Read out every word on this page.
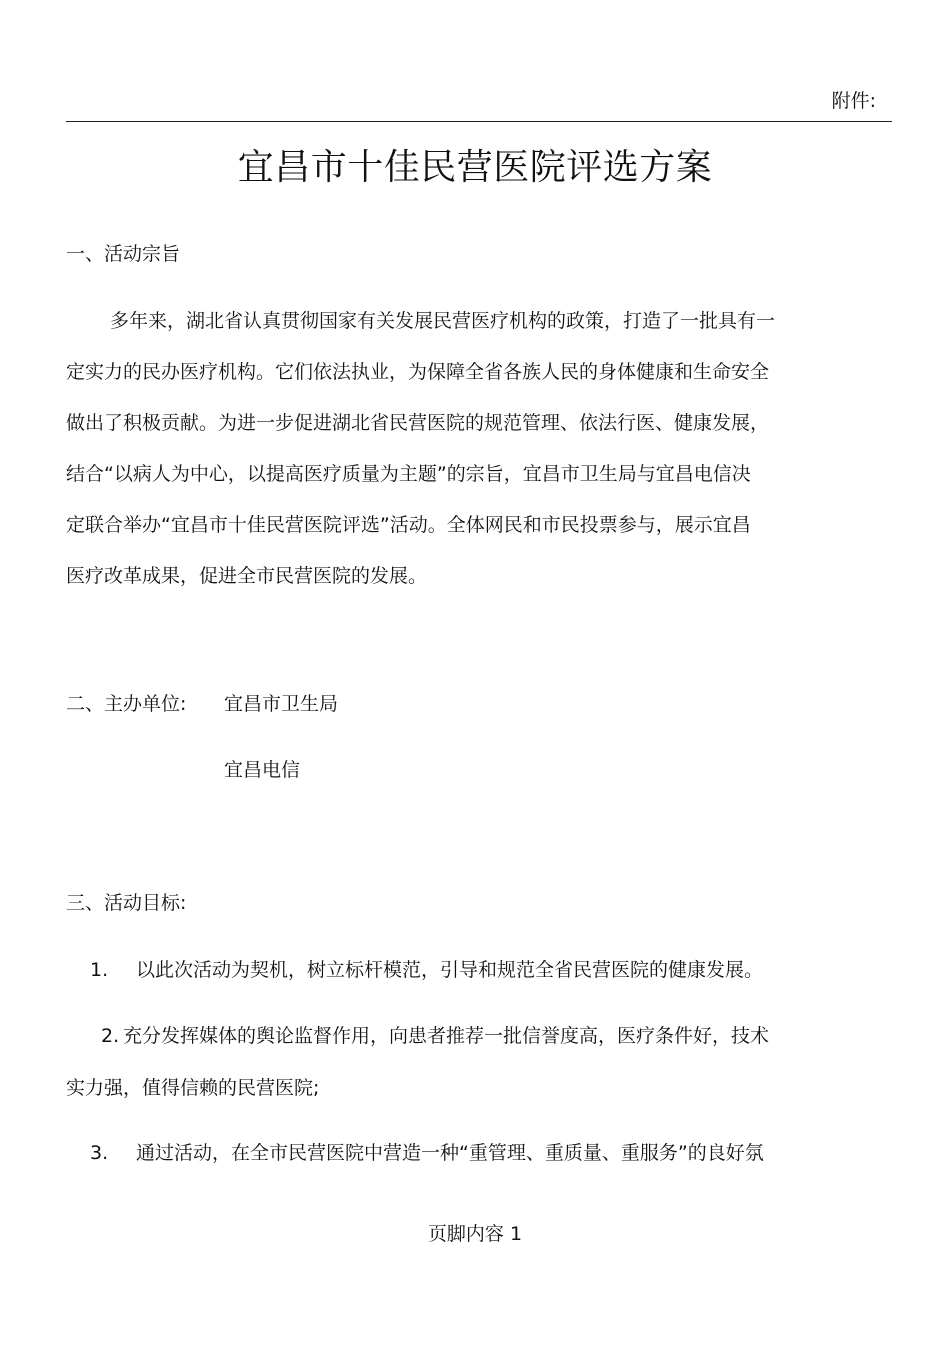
附件:
宜昌市十佳民营医院评选方案
一、活动宗旨
多年来，湖北省认真贯彻国家有关发展民营医疗机构的政策，打造了一批具有一
定实力的民办医疗机构。它们依法执业，为保障全省各族人民的身体健康和生命安全
做出了积极贡献。为进一步促进湖北省民营医院的规范管理、依法行医、健康发展，
结合“以病人为中心，以提高医疗质量为主题”的宗旨，宜昌市卫生局与宜昌电信决
定联合举办“宜昌市十佳民营医院评选”活动。全体网民和市民投票参与，展示宜昌
医疗改革成果，促进全市民营医院的发展。
二、主办单位: 宜昌市卫生局
宜昌电信
三、活动目标:
1. 以此次活动为契机，树立标杆模范，引导和规范全省民营医院的健康发展。
2. 充分发挥媒体的舆论监督作用，向患者推荐一批信誉度高，医疗条件好，技术
实力强，值得信赖的民营医院;
3. 通过活动，在全市民营医院中营造一种“重管理、重质量、重服务”的良好氛
页脚内容 1
